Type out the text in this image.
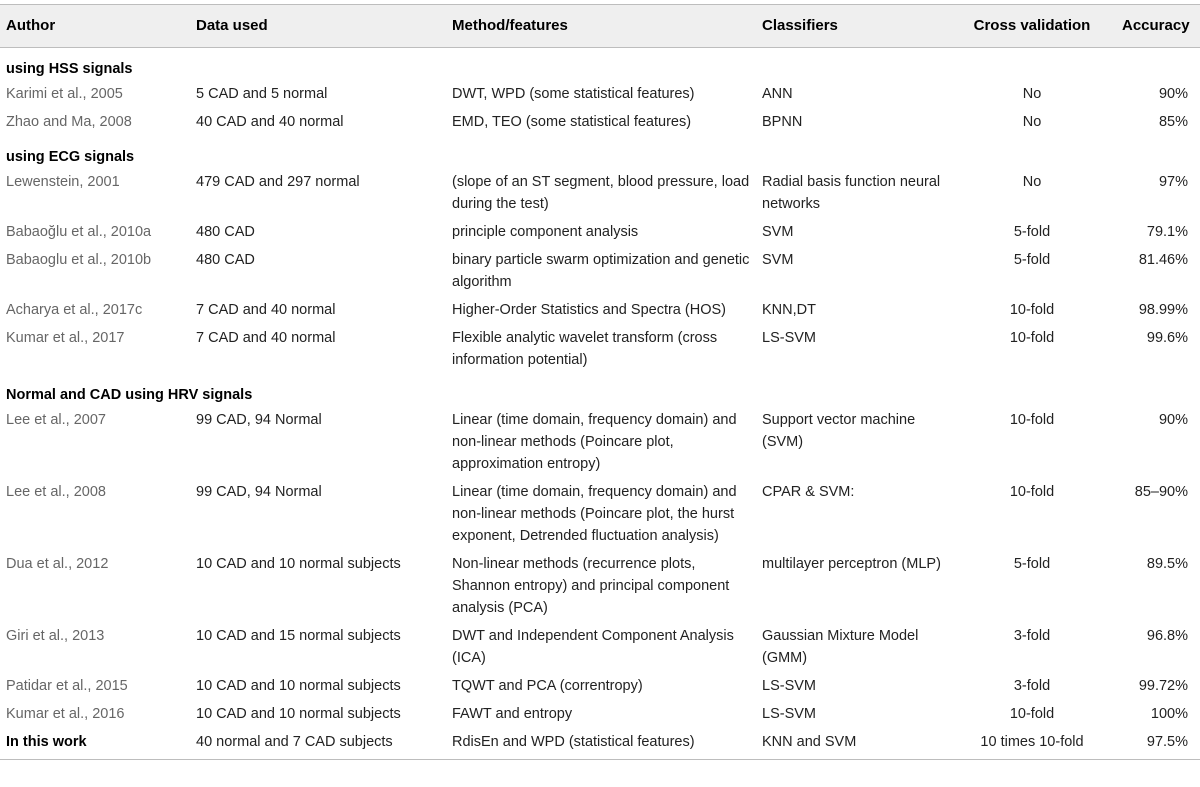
Author	Data used	Method/features	Classifiers	Cross validation	Accuracy
using HSS signals					
Karimi et al., 2005	5 CAD and 5 normal	DWT, WPD (some statistical features)	ANN	No	90%
Zhao and Ma, 2008	40 CAD and 40 normal	EMD, TEO (some statistical features)	BPNN	No	85%
using ECG signals					
Lewenstein, 2001	479 CAD and 297 normal	(slope of an ST segment, blood pressure, load during the test)	Radial basis function neural networks	No	97%
Babaoğlu et al., 2010a	480 CAD	principle component analysis	SVM	5-fold	79.1%
Babaoglu et al., 2010b	480 CAD	binary particle swarm optimization and genetic algorithm	SVM	5-fold	81.46%
Acharya et al., 2017c	7 CAD and 40 normal	Higher-Order Statistics and Spectra (HOS)	KNN,DT	10-fold	98.99%
Kumar et al., 2017	7 CAD and 40 normal	Flexible analytic wavelet transform (cross information potential)	LS-SVM	10-fold	99.6%
Normal and CAD using HRV signals					
Lee et al., 2007	99 CAD, 94 Normal	Linear (time domain, frequency domain) and non-linear methods (Poincare plot, approximation entropy)	Support vector machine (SVM)	10-fold	90%
Lee et al., 2008	99 CAD, 94 Normal	Linear (time domain, frequency domain) and non-linear methods (Poincare plot, the hurst exponent, Detrended fluctuation analysis)	CPAR & SVM:	10-fold	85–90%
Dua et al., 2012	10 CAD and 10 normal subjects	Non-linear methods (recurrence plots, Shannon entropy) and principal component analysis (PCA)	multilayer perceptron (MLP)	5-fold	89.5%
Giri et al., 2013	10 CAD and 15 normal subjects	DWT and Independent Component Analysis (ICA)	Gaussian Mixture Model (GMM)	3-fold	96.8%
Patidar et al., 2015	10 CAD and 10 normal subjects	TQWT and PCA (correntropy)	LS-SVM	3-fold	99.72%
Kumar et al., 2016	10 CAD and 10 normal subjects	FAWT and entropy	LS-SVM	10-fold	100%
In this work	40 normal and 7 CAD subjects	RdisEn and WPD (statistical features)	KNN and SVM	10 times 10-fold	97.5%
